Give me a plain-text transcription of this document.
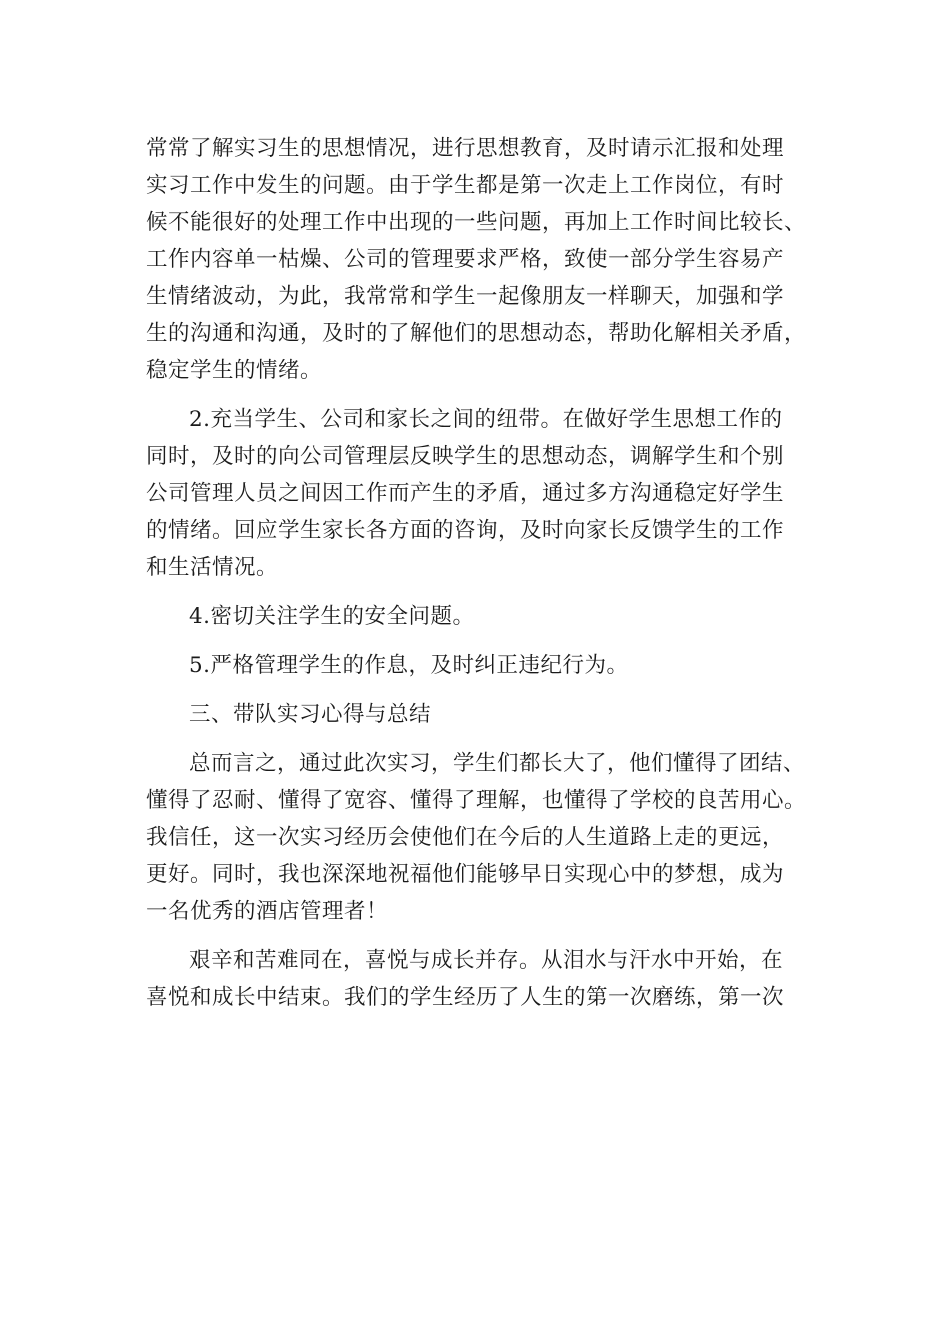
常常了解实习生的思想情况，进行思想教育，及时请示汇报和处理
实习工作中发生的问题。由于学生都是第一次走上工作岗位，有时
候不能很好的处理工作中出现的一些问题，再加上工作时间比较长、
工作内容单一枯燥、公司的管理要求严格，致使一部分学生容易产
生情绪波动，为此，我常常和学生一起像朋友一样聊天，加强和学
生的沟通和沟通，及时的了解他们的思想动态，帮助化解相关矛盾，
稳定学生的情绪。
2.充当学生、公司和家长之间的纽带。在做好学生思想工作的
同时，及时的向公司管理层反映学生的思想动态，调解学生和个别
公司管理人员之间因工作而产生的矛盾，通过多方沟通稳定好学生
的情绪。回应学生家长各方面的咨询，及时向家长反馈学生的工作
和生活情况。
4.密切关注学生的安全问题。
5.严格管理学生的作息，及时纠正违纪行为。
三、带队实习心得与总结
总而言之，通过此次实习，学生们都长大了，他们懂得了团结、
懂得了忍耐、懂得了宽容、懂得了理解，也懂得了学校的良苦用心。
我信任，这一次实习经历会使他们在今后的人生道路上走的更远，
更好。同时，我也深深地祝福他们能够早日实现心中的梦想，成为
一名优秀的酒店管理者！
艰辛和苦难同在，喜悦与成长并存。从泪水与汗水中开始，在
喜悦和成长中结束。我们的学生经历了人生的第一次磨练，第一次
